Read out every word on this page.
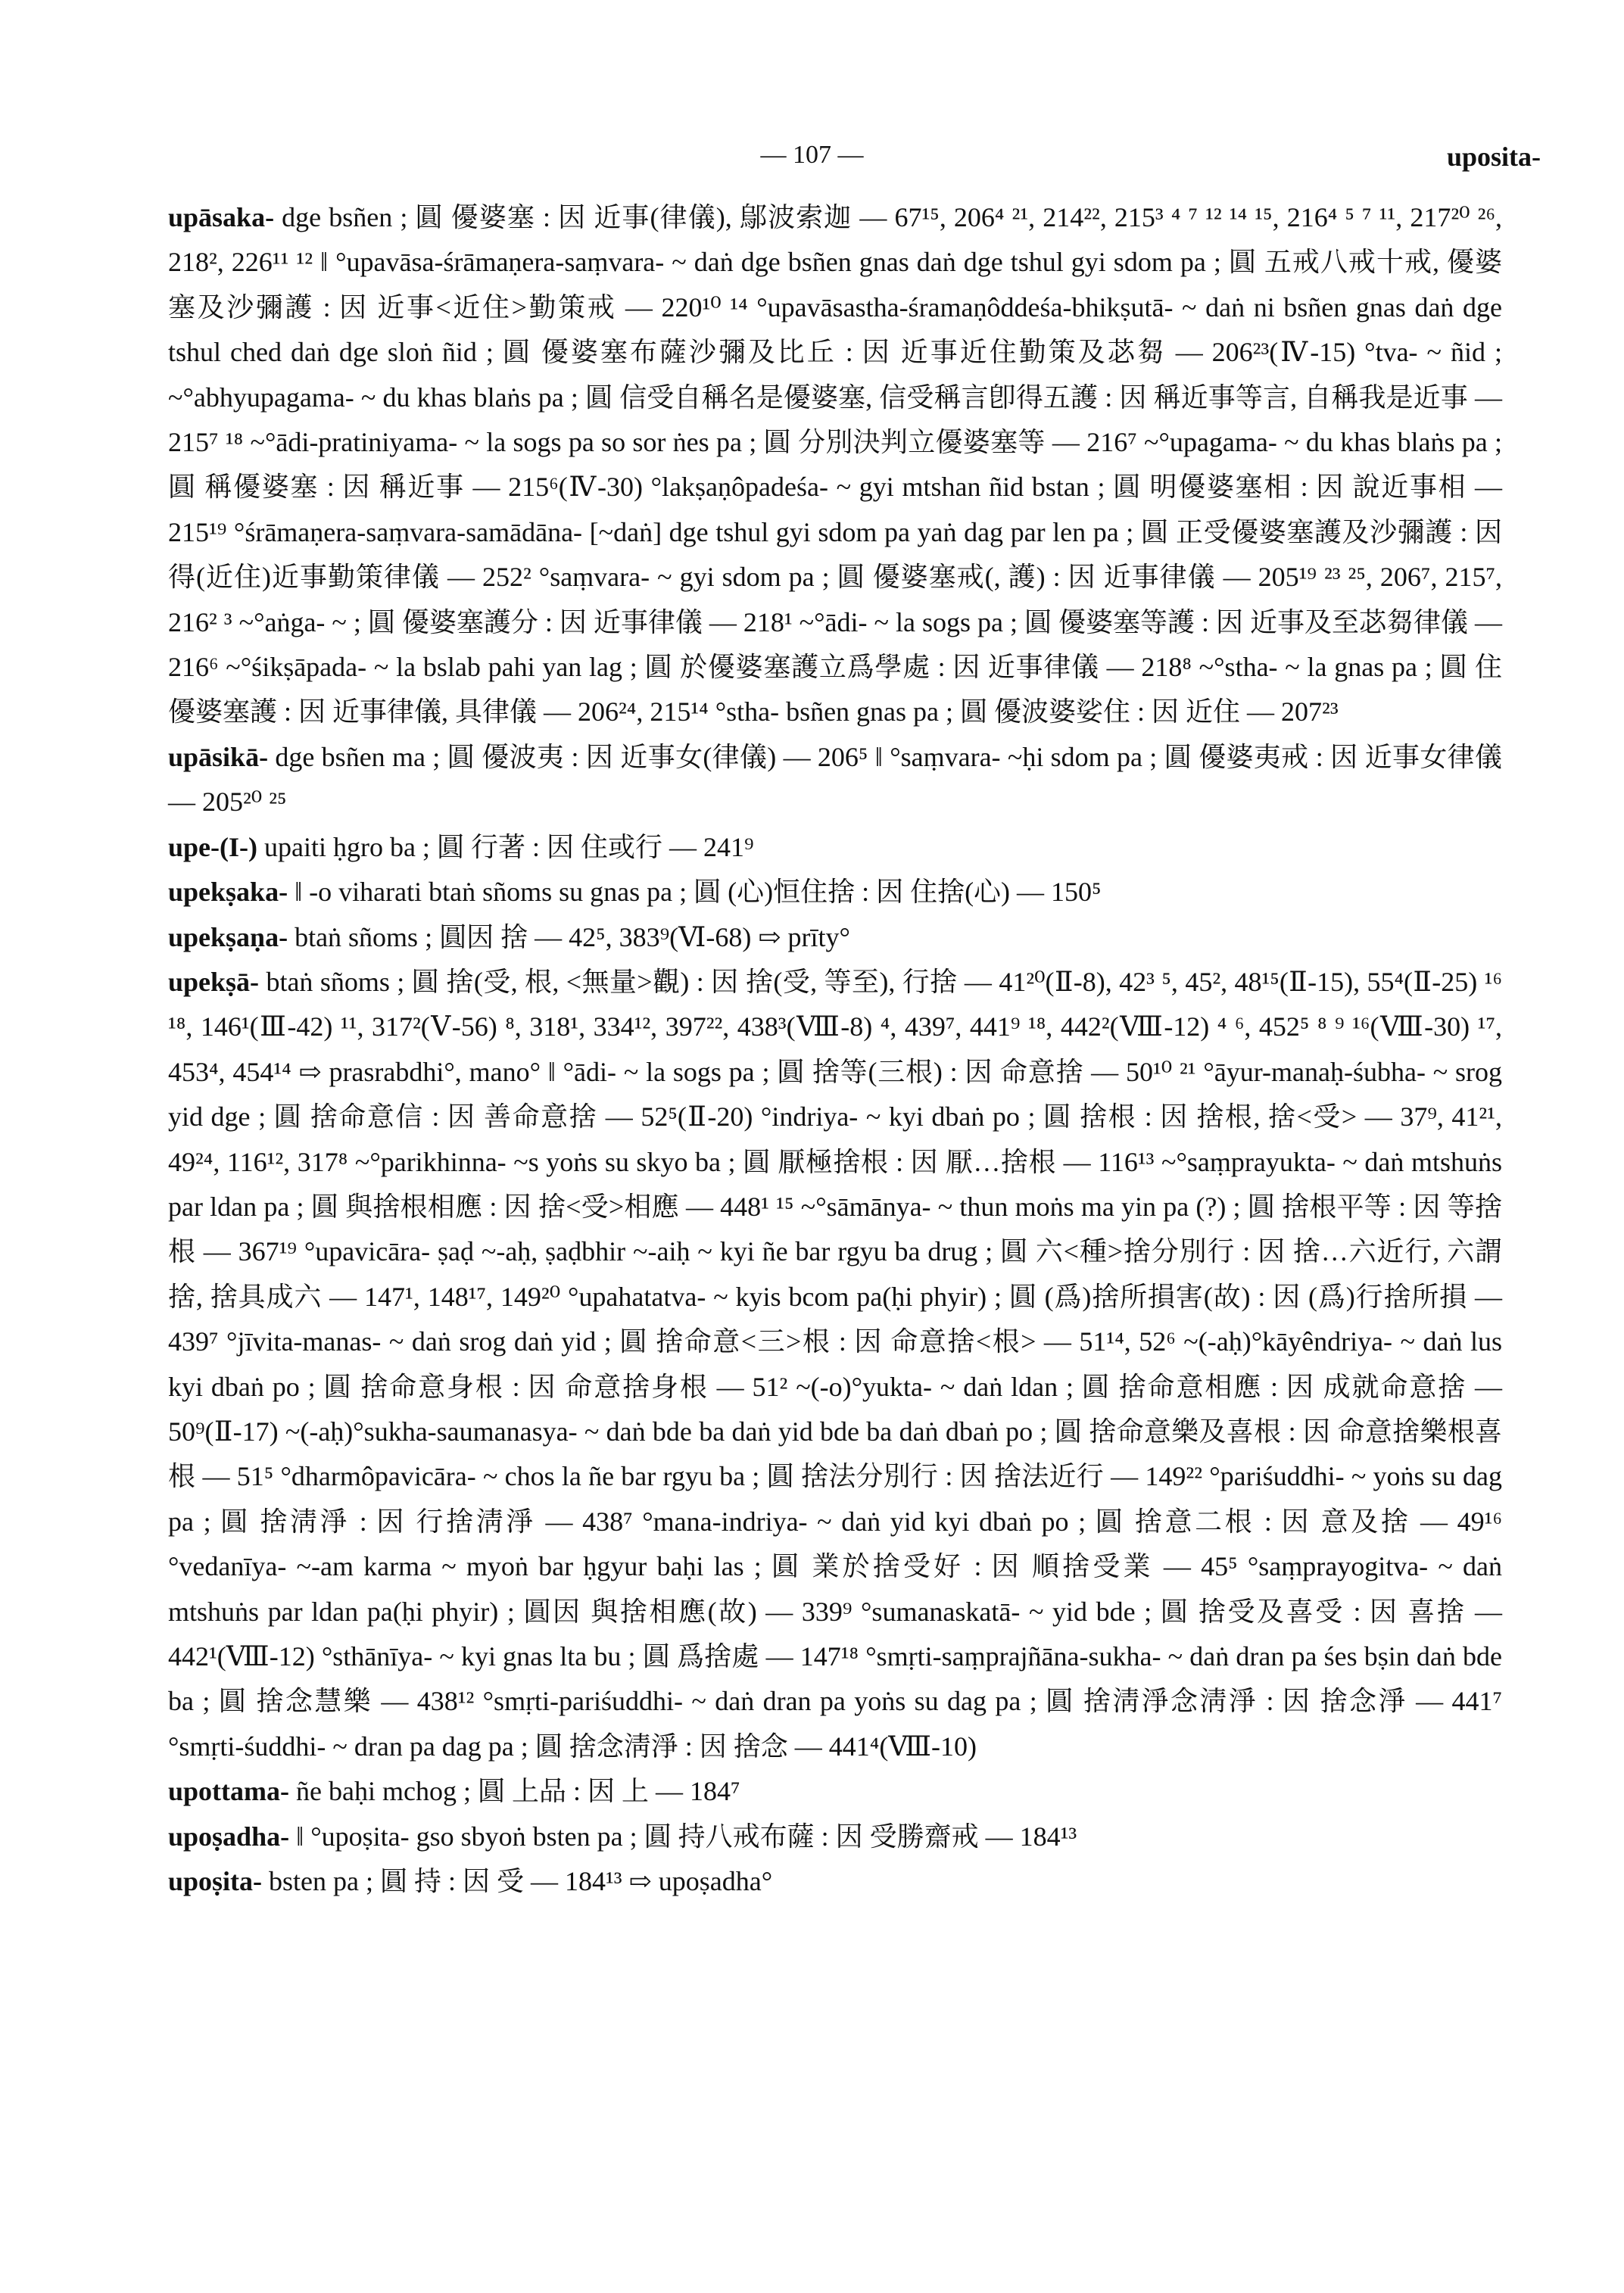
— 107 —	uposita-

upāsaka- dge bsñen ; 圓 優婆塞 : 因 近事(律儀), 鄔波索迦 — 67¹⁵, 206⁴ ²¹, 214²², 215³ ⁴ ⁷ ¹² ¹⁴ ¹⁵, 216⁴ ⁵ ⁷ ¹¹, 217²⁰ ²⁶, 218², 226¹¹ ¹² ‖ °upavāsa-śrāmaṇera-saṃvara- ~ daṅ dge bsñen gnas daṅ dge tshul gyi sdom pa ; 圓 五戒八戒十戒, 優婆塞及沙彌護 : 因 近事<近住>勤策戒 — 220¹⁰ ¹⁴ °upavāsastha-śramaṇôddeśa-bhikṣutā- ~ daṅ ni bsñen gnas daṅ dge tshul ched daṅ dge sloṅ ñid ; 圓 優婆塞布薩沙彌及比丘 : 因 近事近住勤策及苾芻 — 206²³(Ⅳ-15) °tva- ~ ñid ; ~°abhyupagama- ~ du khas blaṅs pa ; 圓 信受自稱名是優婆塞, 信受稱言卽得五護 : 因 稱近事等言, 自稱我是近事 — 215⁷ ¹⁸ ~°ādi-pratiniyama- ~ la sogs pa so sor ṅes pa ; 圓 分別決判立優婆塞等 — 216⁷ ~°upagama- ~ du khas blaṅs pa ; 圓 稱優婆塞 : 因 稱近事 — 215⁶(Ⅳ-30) °lakṣaṇôpadeśa- ~ gyi mtshan ñid bstan ; 圓 明優婆塞相 : 因 說近事相 — 215¹⁹ °śrāmaṇera-saṃvara-samādāna- [~daṅ] dge tshul gyi sdom pa yaṅ dag par len pa ; 圓 正受優婆塞護及沙彌護 : 因 得(近住)近事勤策律儀 — 252² °saṃvara- ~ gyi sdom pa ; 圓 優婆塞戒(, 護) : 因 近事律儀 — 205¹⁹ ²³ ²⁵, 206⁷, 215⁷, 216² ³ ~°aṅga- ~ ; 圓 優婆塞護分 : 因 近事律儀 — 218¹ ~°ādi- ~ la sogs pa ; 圓 優婆塞等護 : 因 近事及至苾芻律儀 — 216⁶ ~°śikṣāpada- ~ la bslab pahi yan lag ; 圓 於優婆塞護立爲學處 : 因 近事律儀 — 218⁸ ~°stha- ~ la gnas pa ; 圓 住優婆塞護 : 因 近事律儀, 具律儀 — 206²⁴, 215¹⁴ °stha- bsñen gnas pa ; 圓 優波婆娑住 : 因 近住 — 207²³

upāsikā- dge bsñen ma ; 圓 優波夷 : 因 近事女(律儀) — 206⁵ ‖ °saṃvara- ~ḥi sdom pa ; 圓 優婆夷戒 : 因 近事女律儀 — 205²⁰ ²⁵

upe-(I-) upaiti ḥgro ba ; 圓 行著 : 因 住或行 — 241⁹

upekṣaka- ‖ -o viharati btaṅ sñoms su gnas pa ; 圓 (心)恒住捨 : 因 住捨(心) — 150⁵

upekṣaṇa- btaṅ sñoms ; 圓因 捨 — 42⁵, 383⁹(Ⅵ-68) ⇨ prīty°

upekṣā- btaṅ sñoms ; 圓 捨(受, 根, <無量>觀) : 因 捨(受, 等至), 行捨 — 41²⁰(Ⅱ-8), 42³ ⁵, 45², 48¹⁵(Ⅱ-15), 55⁴(Ⅱ-25) ¹⁶ ¹⁸, 146¹(Ⅲ-42) ¹¹, 317²(Ⅴ-56) ⁸, 318¹, 334¹², 397²², 438³(Ⅷ-8) ⁴, 439⁷, 441⁹ ¹⁸, 442²(Ⅷ-12) ⁴ ⁶, 452⁵ ⁸ ⁹ ¹⁶(Ⅷ-30) ¹⁷, 453⁴, 454¹⁴ ⇨ prasrabdhi°, mano° ‖ °ādi- ~ la sogs pa ; 圓 捨等(三根) : 因 命意捨 — 50¹⁰ ²¹ °āyur-manaḥ-śubha- ~ srog yid dge ; 圓 捨命意信 : 因 善命意捨 — 52⁵(Ⅱ-20) °indriya- ~ kyi dbaṅ po ; 圓 捨根 : 因 捨根, 捨<受> — 37⁹, 41²¹, 49²⁴, 116¹², 317⁸ ~°parikhinna- ~s yoṅs su skyo ba ; 圓 厭極捨根 : 因 厭…捨根 — 116¹³ ~°saṃprayukta- ~ daṅ mtshuṅs par ldan pa ; 圓 與捨根相應 : 因 捨<受>相應 — 448¹ ¹⁵ ~°sāmānya- ~ thun moṅs ma yin pa (?) ; 圓 捨根平等 : 因 等捨根 — 367¹⁹ °upavicāra- ṣaḍ ~-aḥ, ṣaḍbhir ~-aiḥ ~ kyi ñe bar rgyu ba drug ; 圓 六<種>捨分別行 : 因 捨…六近行, 六謂捨, 捨具成六 — 147¹, 148¹⁷, 149²⁰ °upahatatva- ~ kyis bcom pa(ḥi phyir) ; 圓 (爲)捨所損害(故) : 因 (爲)行捨所損 — 439⁷ °jīvita-manas- ~ daṅ srog daṅ yid ; 圓 捨命意<三>根 : 因 命意捨<根> — 51¹⁴, 52⁶ ~(-aḥ)°kāyêndriya- ~ daṅ lus kyi dbaṅ po ; 圓 捨命意身根 : 因 命意捨身根 — 51² ~(-o)°yukta- ~ daṅ ldan ; 圓 捨命意相應 : 因 成就命意捨 — 50⁹(Ⅱ-17) ~(-aḥ)°sukha-saumanasya- ~ daṅ bde ba daṅ yid bde ba daṅ dbaṅ po ; 圓 捨命意樂及喜根 : 因 命意捨樂根喜根 — 51⁵ °dharmôpavicāra- ~ chos la ñe bar rgyu ba ; 圓 捨法分別行 : 因 捨法近行 — 149²² °pariśuddhi- ~ yoṅs su dag pa ; 圓 捨淸淨 : 因 行捨淸淨 — 438⁷ °mana-indriya- ~ daṅ yid kyi dbaṅ po ; 圓 捨意二根 : 因 意及捨 — 49¹⁶ °vedanīya- ~-am karma ~ myoṅ bar ḥgyur baḥi las ; 圓 業於捨受好 : 因 順捨受業 — 45⁵ °saṃprayogitva- ~ daṅ mtshuṅs par ldan pa(ḥi phyir) ; 圓因 與捨相應(故) — 339⁹ °sumanaskatā- ~ yid bde ; 圓 捨受及喜受 : 因 喜捨 — 442¹(Ⅷ-12) °sthānīya- ~ kyi gnas lta bu ; 圓 爲捨處 — 147¹⁸ °smṛti-saṃprajñāna-sukha- ~ daṅ dran pa śes bṣin daṅ bde ba ; 圓 捨念慧樂 — 438¹² °smṛti-pariśuddhi- ~ daṅ dran pa yoṅs su dag pa ; 圓 捨淸淨念淸淨 : 因 捨念淨 — 441⁷ °smṛti-śuddhi- ~ dran pa dag pa ; 圓 捨念淸淨 : 因 捨念 — 441⁴(Ⅷ-10)

upottama- ñe baḥi mchog ; 圓 上品 : 因 上 — 184⁷

upoṣadha- ‖ °upoṣita- gso sbyoṅ bsten pa ; 圓 持八戒布薩 : 因 受勝齋戒 — 184¹³

upoṣita- bsten pa ; 圓 持 : 因 受 — 184¹³ ⇨ upoṣadha°
